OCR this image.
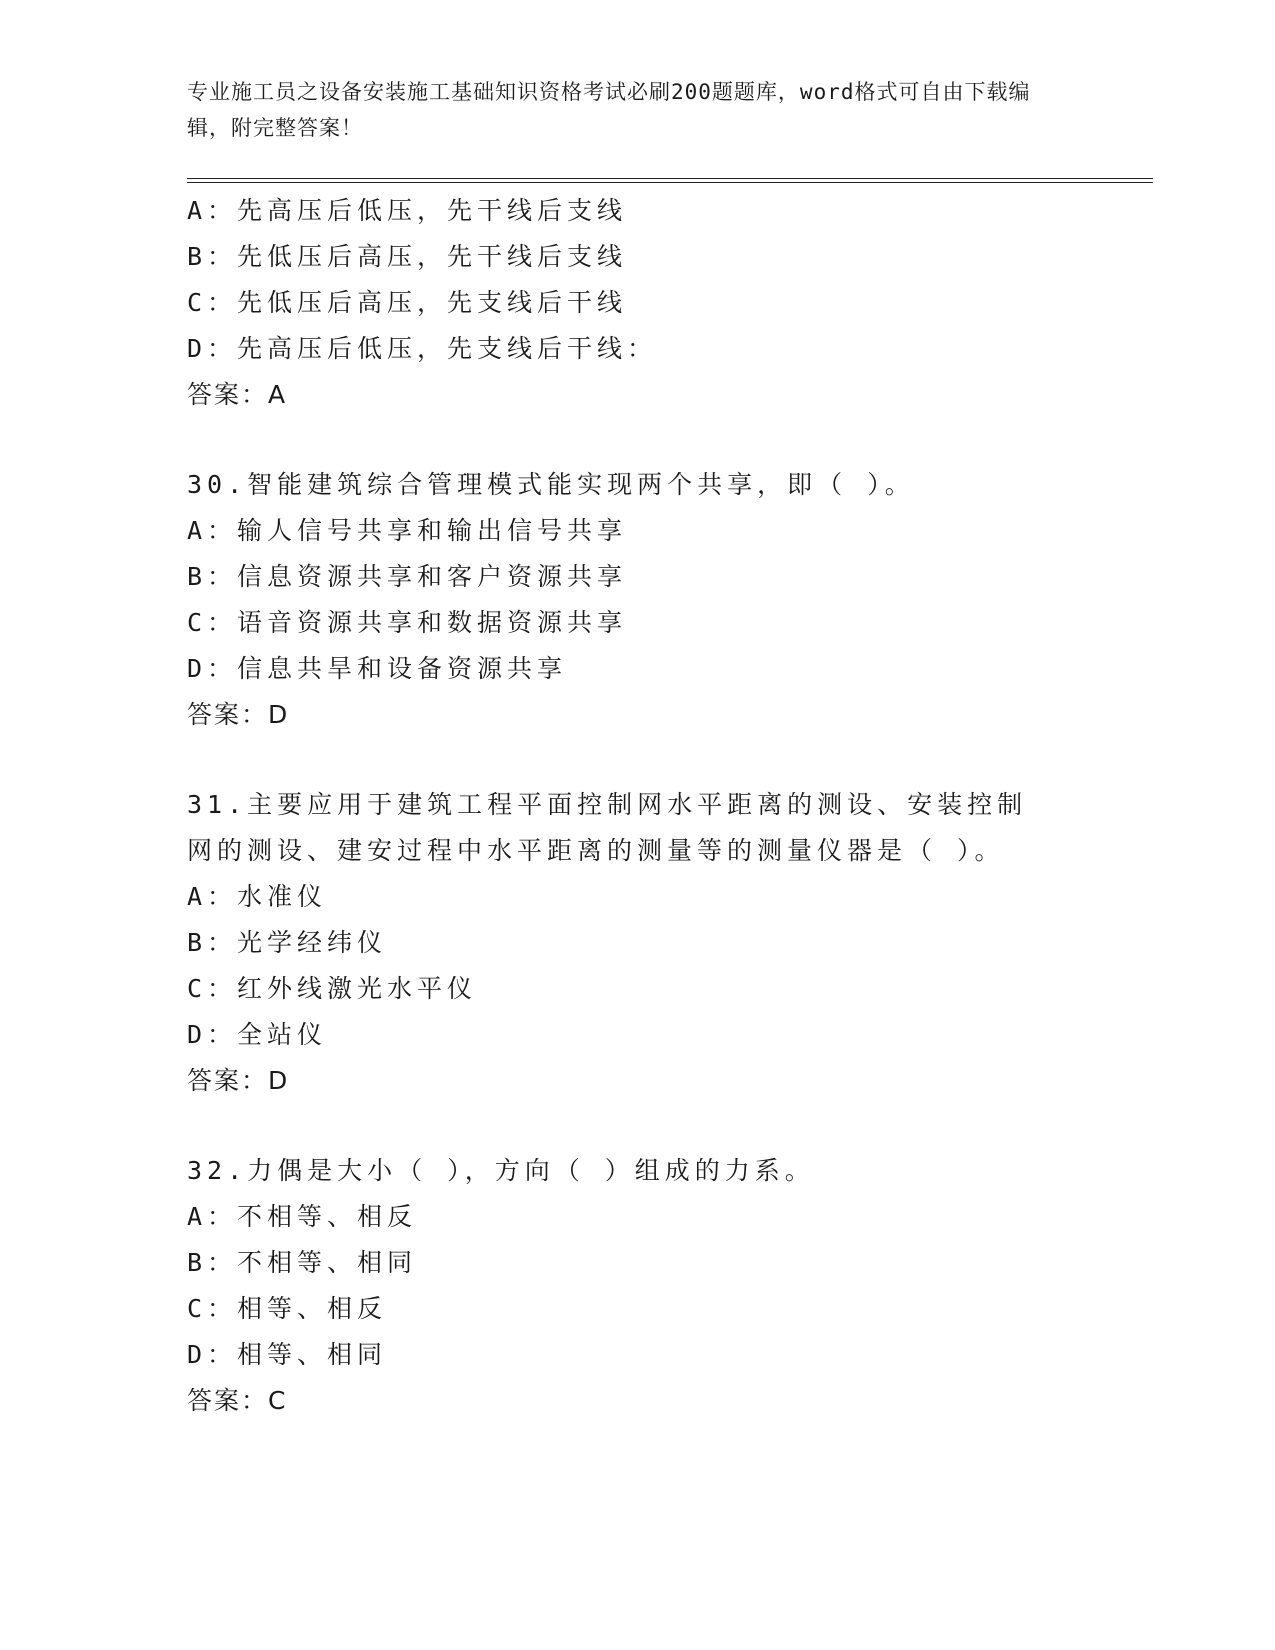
专业施工员之设备安装施工基础知识资格考试必刷200题题库，word格式可自由下载编辑，附完整答案！
A：先高压后低压，先干线后支线
B：先低压后高压，先干线后支线
C：先低压后高压，先支线后干线
D：先高压后低压，先支线后干线：
答案：A
30.智能建筑综合管理模式能实现两个共享，即（ ）。
A：输人信号共享和输出信号共享
B：信息资源共享和客户资源共享
C：语音资源共享和数据资源共享
D：信息共旱和设备资源共享
答案：D
31.主要应用于建筑工程平面控制网水平距离的测设、安装控制网的测设、建安过程中水平距离的测量等的测量仪器是（ ）。
A：水准仪
B：光学经纬仪
C：红外线激光水平仪
D：全站仪
答案：D
32.力偶是大小（ ），方向（ ）组成的力系。
A：不相等、相反
B：不相等、相同
C：相等、相反
D：相等、相同
答案：C
